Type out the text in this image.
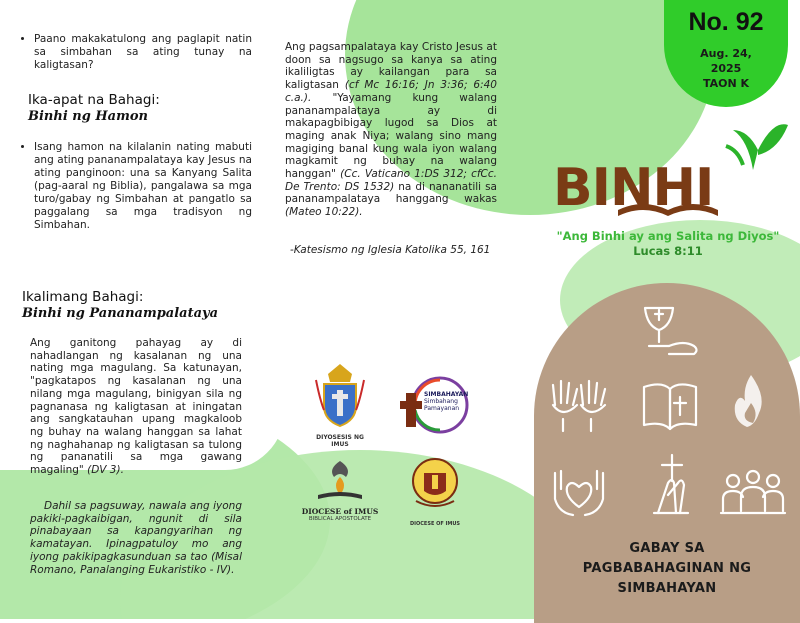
• Paano makakatulong ang paglapit natin sa simbahan sa ating tunay na kaligtasan?
Ika-apat na Bahagi:
Binhi ng Hamon
• Isang hamon na kilalanin nating mabuti ang ating pananampalataya kay Jesus na ating panginoon: una sa Kanyang Salita (pag-aaral ng Biblia), pangalawa sa mga turo/gabay ng Simbahan at pangatlo sa paggalang sa mga tradisyon ng Simbahan.
Ikalimang Bahagi:
Binhi ng Pananampalataya
Ang ganitong pahayag ay di nahadlangan ng kasalanan ng una nating mga magulang. Sa katunayan, "pagkatapos ng kasalanan ng una nilang mga magulang, binigyan sila ng pagnanasa ng kaligtasan at iningatan ang sangkatauhan upang magkaloob ng buhay na walang hanggan sa lahat ng naghahanap ng kaligtasan sa tulong ng pananatili sa mga gawang magaling" (DV 3).
Dahil sa pagsuway, nawala ang iyong pakiki-pagkaibigan, ngunit di sila pinabayaan sa kapangyarihan ng kamatayan. Ipinagpatuloy mo ang iyong pakikipagkasunduan sa tao (Misal Romano, Panalanging Eukaristiko - IV).
Ang pagsampalataya kay Cristo Jesus at doon sa nagsugo sa kanya sa ating ikaliligtas ay kailangan para sa kaligtasan (cf Mc 16:16; Jn 3:36; 6:40 c.a.). "Yayamang kung walang pananampalataya ay di makapagbibigay lugod sa Dios at maging anak Niya; walang sino mang magiging banal kung wala iyon walang magkamit ng buhay na walang hanggan" (Cc. Vaticano 1:DS 312; cfCc. De Trento: DS 1532) na di nananatili sa pananampalataya hanggang wakas (Mateo 10:22).
-Katesismo ng Iglesia Katolika 55, 161
DIYOSESIS NG IMUS
SIMBAHAYAN
Simbahang Pamayanan
DIOCESE of IMUS
BIBLICAL APOSTOLATE
DIOCESE OF IMUS
No. 92
Aug. 24,
2025
TAON K
BINHI
"Ang Binhi ay ang Salita ng Diyos"
Lucas 8:11
GABAY SA
PAGBABAHAGINAN NG
SIMBAHAYAN
